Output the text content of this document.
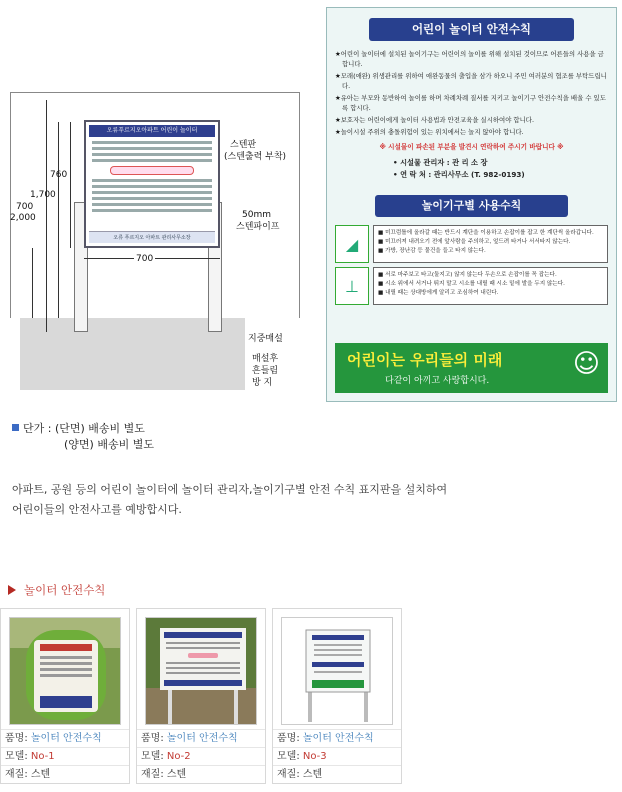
오류푸르지오아파트 어린이 놀이터
오류 푸르지오 아파트 관리사무소장
700
2,000
1,700
760
700
스텐판
(스텐출력 부착)
50mm
스텐파이프
지중매설
매설후
흔들림
방 지
어린이 놀이터 안전수칙

★어린이 놀이터에 설치된 놀이기구는 어린이의 놀이를 위해 설치된 것이므로 어른들의 사용을 금합니다.

★모래(애완) 위생관리를 위하여 애완동물의 출입을 삼가 하오니 주민 여러분의 협조를 부탁드립니다.

★유아는 부모와 동반하여 놀이를 하며 차례차례 질서를 지키고 놀이기구 안전수칙을 배울 수 있도록 합시다.

★보호자는 어린이에게 놀이터 사용법과 안전교육을 실시하여야 합니다.

★놀이시설 주위의 충돌위험이 있는 위치에서는 놀지 않아야 합니다.

※ 시설물이 파손된 부분을 발견시 연락하여 주시기 바랍니다 ※
• 시설물 관리자 : 관 리 소 장
• 연 락 처 : 관리사무소 (T. 982-0193)
놀이기구별 사용수칙
◢

■ 미끄럼틀에 올라갈 때는 반드시 계단을 이용하고 손잡이를 잡고 한 계단씩 올라갑니다.

■ 미끄러져 내려오기 전에 앞사람을 주의하고, 엎드려 타거나 서서타지 않는다.

■ 가방, 장난감 등 물건을 들고 타지 않는다.

⊥

■ 서로 마주보고 타고(둘지고) 않지 않는다 두손으로 손잡이를 꼭 잡는다.

■ 시소 위에서 서거나 뛰지 말고 시소를 내릴 때 시소 밑에 발을 두지 않는다.

■ 내릴 때는 상대방에게 알리고 조심하여 내린다.

어린이는 우리들의 미래
다같이 아끼고 사랑합시다.
☺
단가 : (단면) 배송비 별도
(양면) 배송비 별도
아파트, 공원 등의 어린이 놀이터에 놀이터 관리자,놀이기구별 안전 수칙 표지판을 설치하여
어린이들의 안전사고를 예방합시다.
놀이터 안전수칙
품명: 놀이터 안전수칙
모델: No-1
재질: 스텐
품명: 놀이터 안전수칙
모델: No-2
재질: 스텐
품명: 놀이터 안전수칙
모델: No-3
재질: 스텐
